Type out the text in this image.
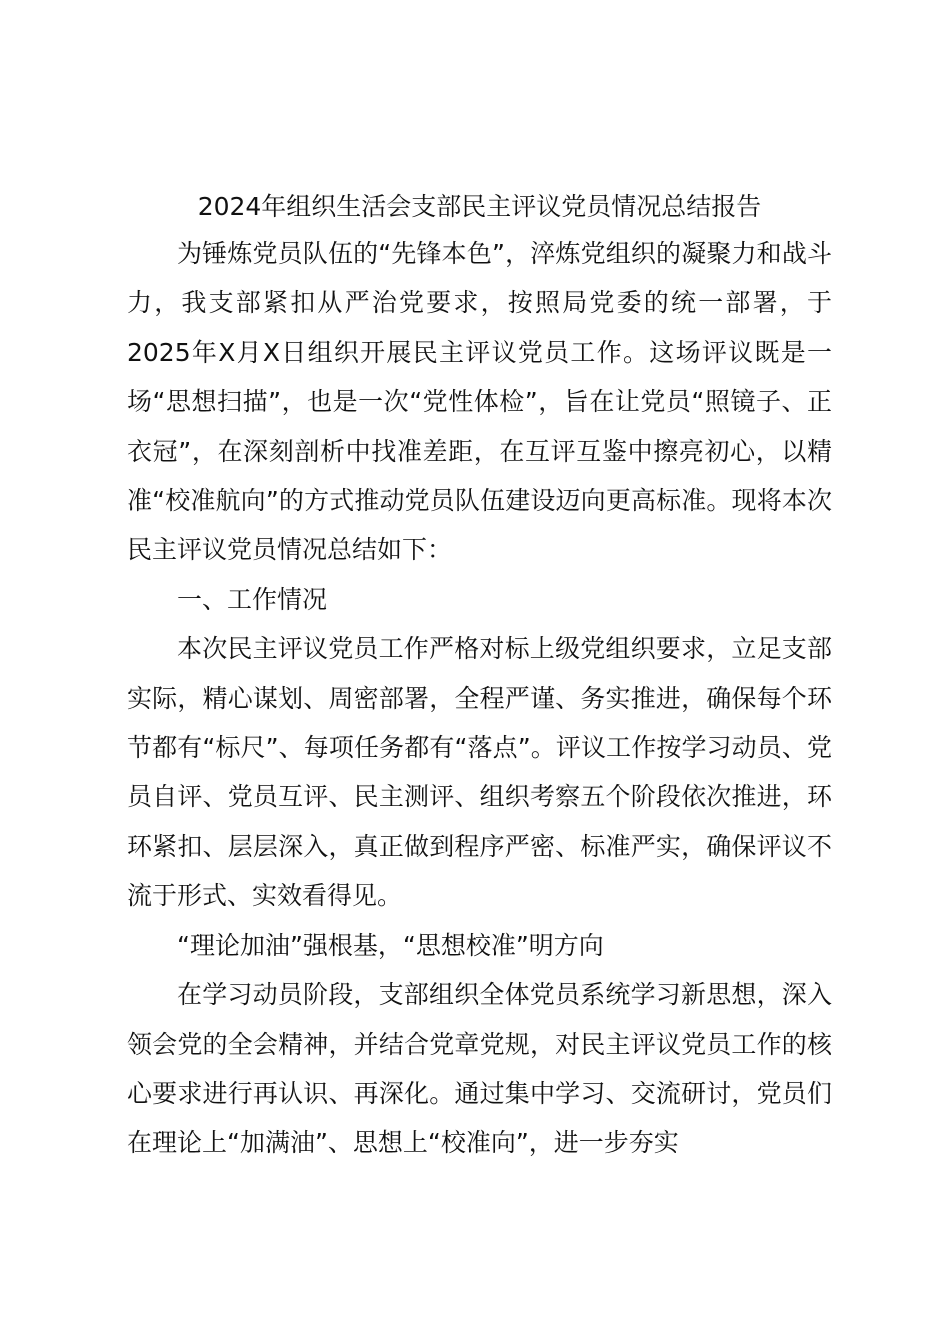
2024年组织生活会支部民主评议党员情况总结报告

为锤炼党员队伍的“先锋本色”，淬炼党组织的凝聚力和战斗力，我支部紧扣从严治党要求，按照局党委的统一部署，于2025年X月X日组织开展民主评议党员工作。这场评议既是一场“思想扫描”，也是一次“党性体检”，旨在让党员“照镜子、正衣冠”，在深刻剖析中找准差距，在互评互鉴中擦亮初心，以精准“校准航向”的方式推动党员队伍建设迈向更高标准。现将本次民主评议党员情况总结如下：

一、工作情况

本次民主评议党员工作严格对标上级党组织要求，立足支部实际，精心谋划、周密部署，全程严谨、务实推进，确保每个环节都有“标尺”、每项任务都有“落点”。评议工作按学习动员、党员自评、党员互评、民主测评、组织考察五个阶段依次推进，环环紧扣、层层深入，真正做到程序严密、标准严实，确保评议不流于形式、实效看得见。

“理论加油”强根基，“思想校准”明方向

在学习动员阶段，支部组织全体党员系统学习新思想，深入领会党的全会精神，并结合党章党规，对民主评议党员工作的核心要求进行再认识、再深化。通过集中学习、交流研讨，党员们在理论上“加满油”、思想上“校准向”，进一步夯实
